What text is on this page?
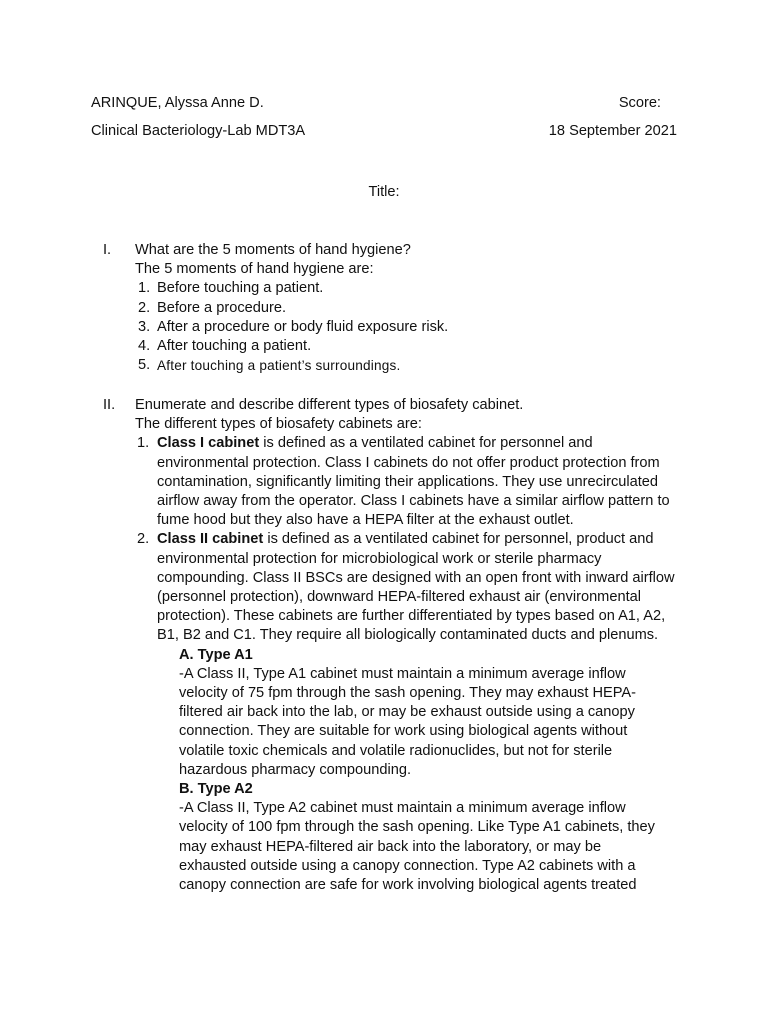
ARINQUE, Alyssa Anne D.	Score:
Clinical Bacteriology-Lab MDT3A	18 September 2021
Title:
I. What are the 5 moments of hand hygiene?

The 5 moments of hand hygiene are:

1. Before touching a patient.
2. Before a procedure.
3. After a procedure or body fluid exposure risk.
4. After touching a patient.
5. After touching a patient’s surroundings.
II. Enumerate and describe different types of biosafety cabinet.

The different types of biosafety cabinets are:

1. Class I cabinet is defined as a ventilated cabinet for personnel and environmental protection. Class I cabinets do not offer product protection from contamination, significantly limiting their applications. They use unrecirculated airflow away from the operator. Class I cabinets have a similar airflow pattern to fume hood but they also have a HEPA filter at the exhaust outlet.
2. Class II cabinet is defined as a ventilated cabinet for personnel, product and environmental protection for microbiological work or sterile pharmacy compounding. Class II BSCs are designed with an open front with inward airflow (personnel protection), downward HEPA-filtered exhaust air (environmental protection). These cabinets are further differentiated by types based on A1, A2, B1, B2 and C1. They require all biologically contaminated ducts and plenums.

A. Type A1

-A Class II, Type A1 cabinet must maintain a minimum average inflow velocity of 75 fpm through the sash opening. They may exhaust HEPA-filtered air back into the lab, or may be exhaust outside using a canopy connection. They are suitable for work using biological agents without volatile toxic chemicals and volatile radionuclides, but not for sterile hazardous pharmacy compounding.

B. Type A2

-A Class II, Type A2 cabinet must maintain a minimum average inflow velocity of 100 fpm through the sash opening. Like Type A1 cabinets, they may exhaust HEPA-filtered air back into the laboratory, or may be exhausted outside using a canopy connection. Type A2 cabinets with a canopy connection are safe for work involving biological agents treated
